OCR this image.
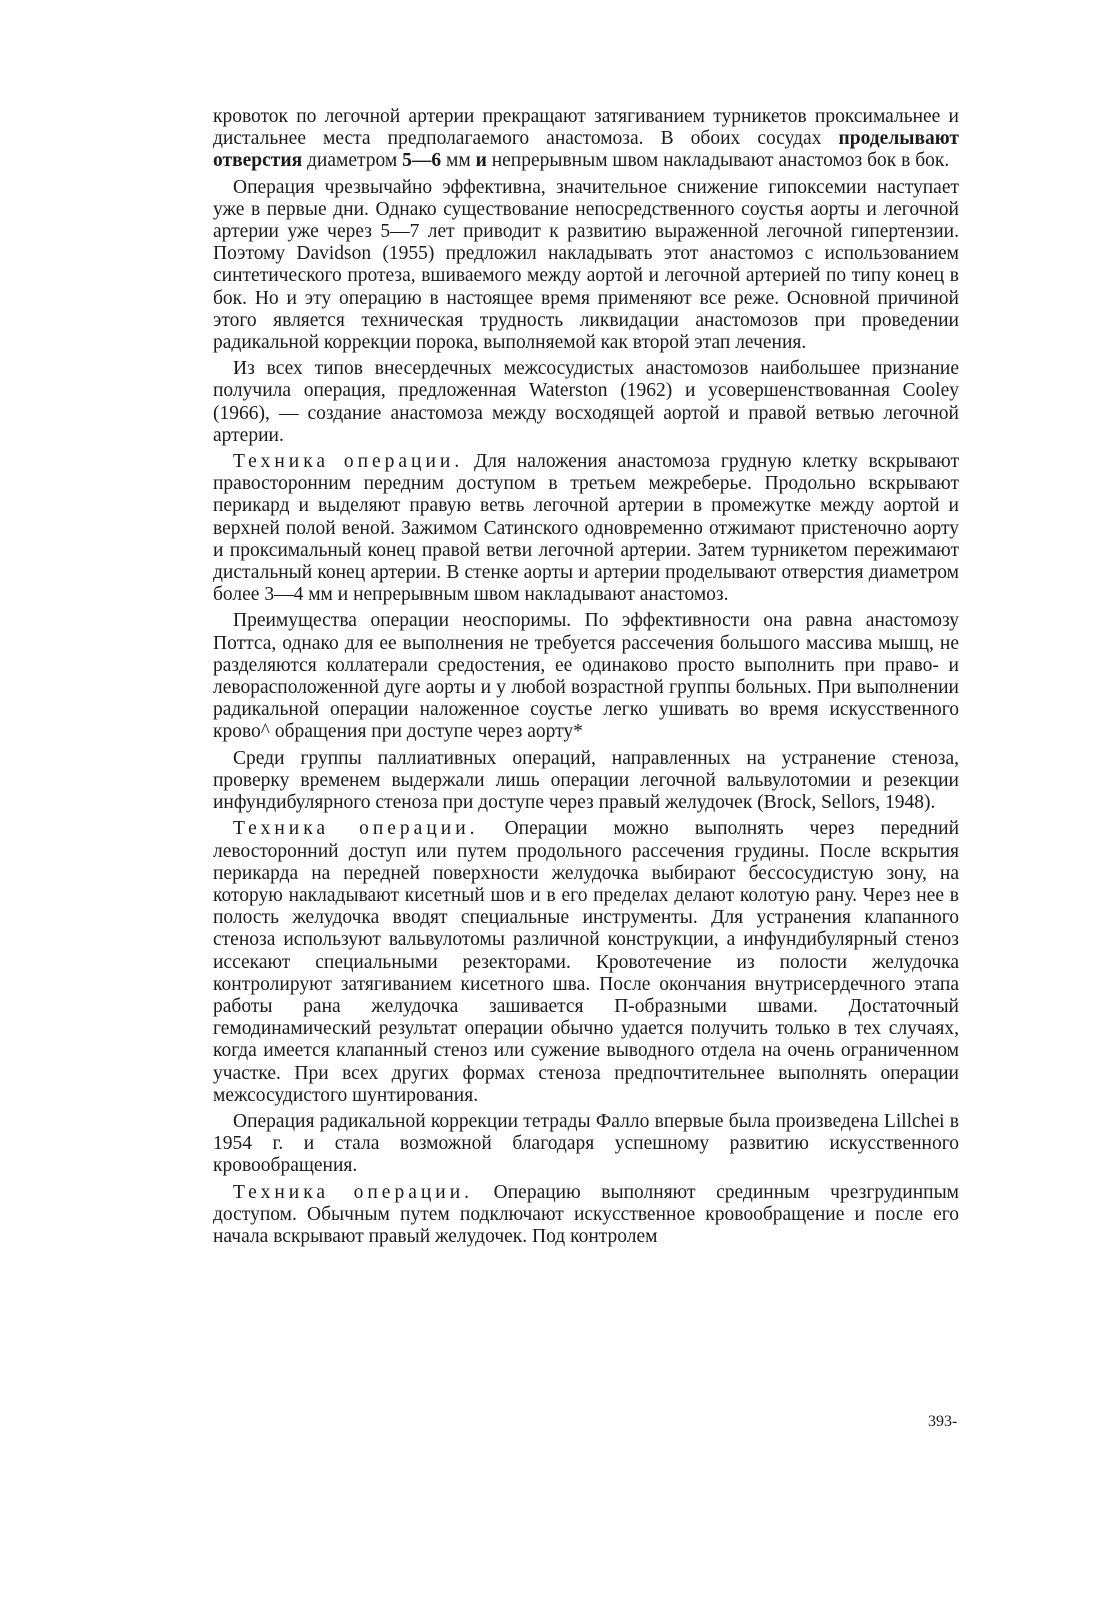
кровоток по легочной артерии прекращают затягиванием турникетов проксимальнее и дистальнее места предполагаемого анастомоза. В обоих сосудах проделывают отверстия диаметром 5—6 мм и непрерывным швом накладывают анастомоз бок в бок.

Операция чрезвычайно эффективна, значительное снижение гипоксемии наступает уже в первые дни. Однако существование непосредственного соустья аорты и легочной артерии уже через 5—7 лет приводит к развитию выраженной легочной гипертензии. Поэтому Davidson (1955) предложил накладывать этот анастомоз с использованием синтетического протеза, вшиваемого между аортой и легочной артерией по типу конец в бок. Но и эту операцию в настоящее время применяют все реже. Основной причиной этого является техническая трудность ликвидации анастомозов при проведении радикальной коррекции порока, выполняемой как второй этап лечения.

Из всех типов внесердечных межсосудистых анастомозов наибольшее признание получила операция, предложенная Waterston (1962) и усовершенствованная Cooley (1966), — создание анастомоза между восходящей аортой и правой ветвью легочной артерии.

Техника операции. Для наложения анастомоза грудную клетку вскрывают правосторонним передним доступом в третьем межреберье. Продольно вскрывают перикард и выделяют правую ветвь легочной артерии в промежутке между аортой и верхней полой веной. Зажимом Сатинского одновременно отжимают пристеночно аорту и проксимальный конец правой ветви легочной артерии. Затем турникетом пережимают дистальный конец артерии. В стенке аорты и артерии проделывают отверстия диаметром более 3—4 мм и непрерывным швом накладывают анастомоз.

Преимущества операции неоспоримы. По эффективности она равна анастомозу Поттса, однако для ее выполнения не требуется рассечения большого массива мышц, не разделяются коллатерали средостения, ее одинаково просто выполнить при право- и леворасположенной дуге аорты и у любой возрастной группы больных. При выполнении радикальной операции наложенное соустье легко ушивать во время искусственного крово^ обращения при доступе через аорту*

Среди группы паллиативных операций, направленных на устранение стеноза, проверку временем выдержали лишь операции легочной вальвулотомии и резекции инфундибулярного стеноза при доступе через правый желудочек (Brock, Sellors, 1948).

Техника операции. Операции можно выполнять через передний левосторонний доступ или путем продольного рассечения грудины. После вскрытия перикарда на передней поверхности желудочка выбирают бессосудистую зону, на которую накладывают кисетный шов и в его пределах делают колотую рану. Через нее в полость желудочка вводят специальные инструменты. Для устранения клапанного стеноза используют вальвулотомы различной конструкции, а инфундибулярный стеноз иссекают специальными резекторами. Кровотечение из полости желудочка контролируют затягиванием кисетного шва. После окончания внутрисердечного этапа работы рана желудочка зашивается П-образными швами. Достаточный гемодинамический результат операции обычно удается получить только в тех случаях, когда имеется клапанный стеноз или сужение выводного отдела на очень ограниченном участке. При всех других формах стеноза предпочтительнее выполнять операции межсосудистого шунтирования.

Операция радикальной коррекции тетрады Фалло впервые была произведена Lillchei в 1954 г. и стала возможной благодаря успешному развитию искусственного кровообращения.

Техника операции. Операцию выполняют срединным чрезгрудинпым доступом. Обычным путем подключают искусственное кровообращение и после его начала вскрывают правый желудочек. Под контролем

393-
